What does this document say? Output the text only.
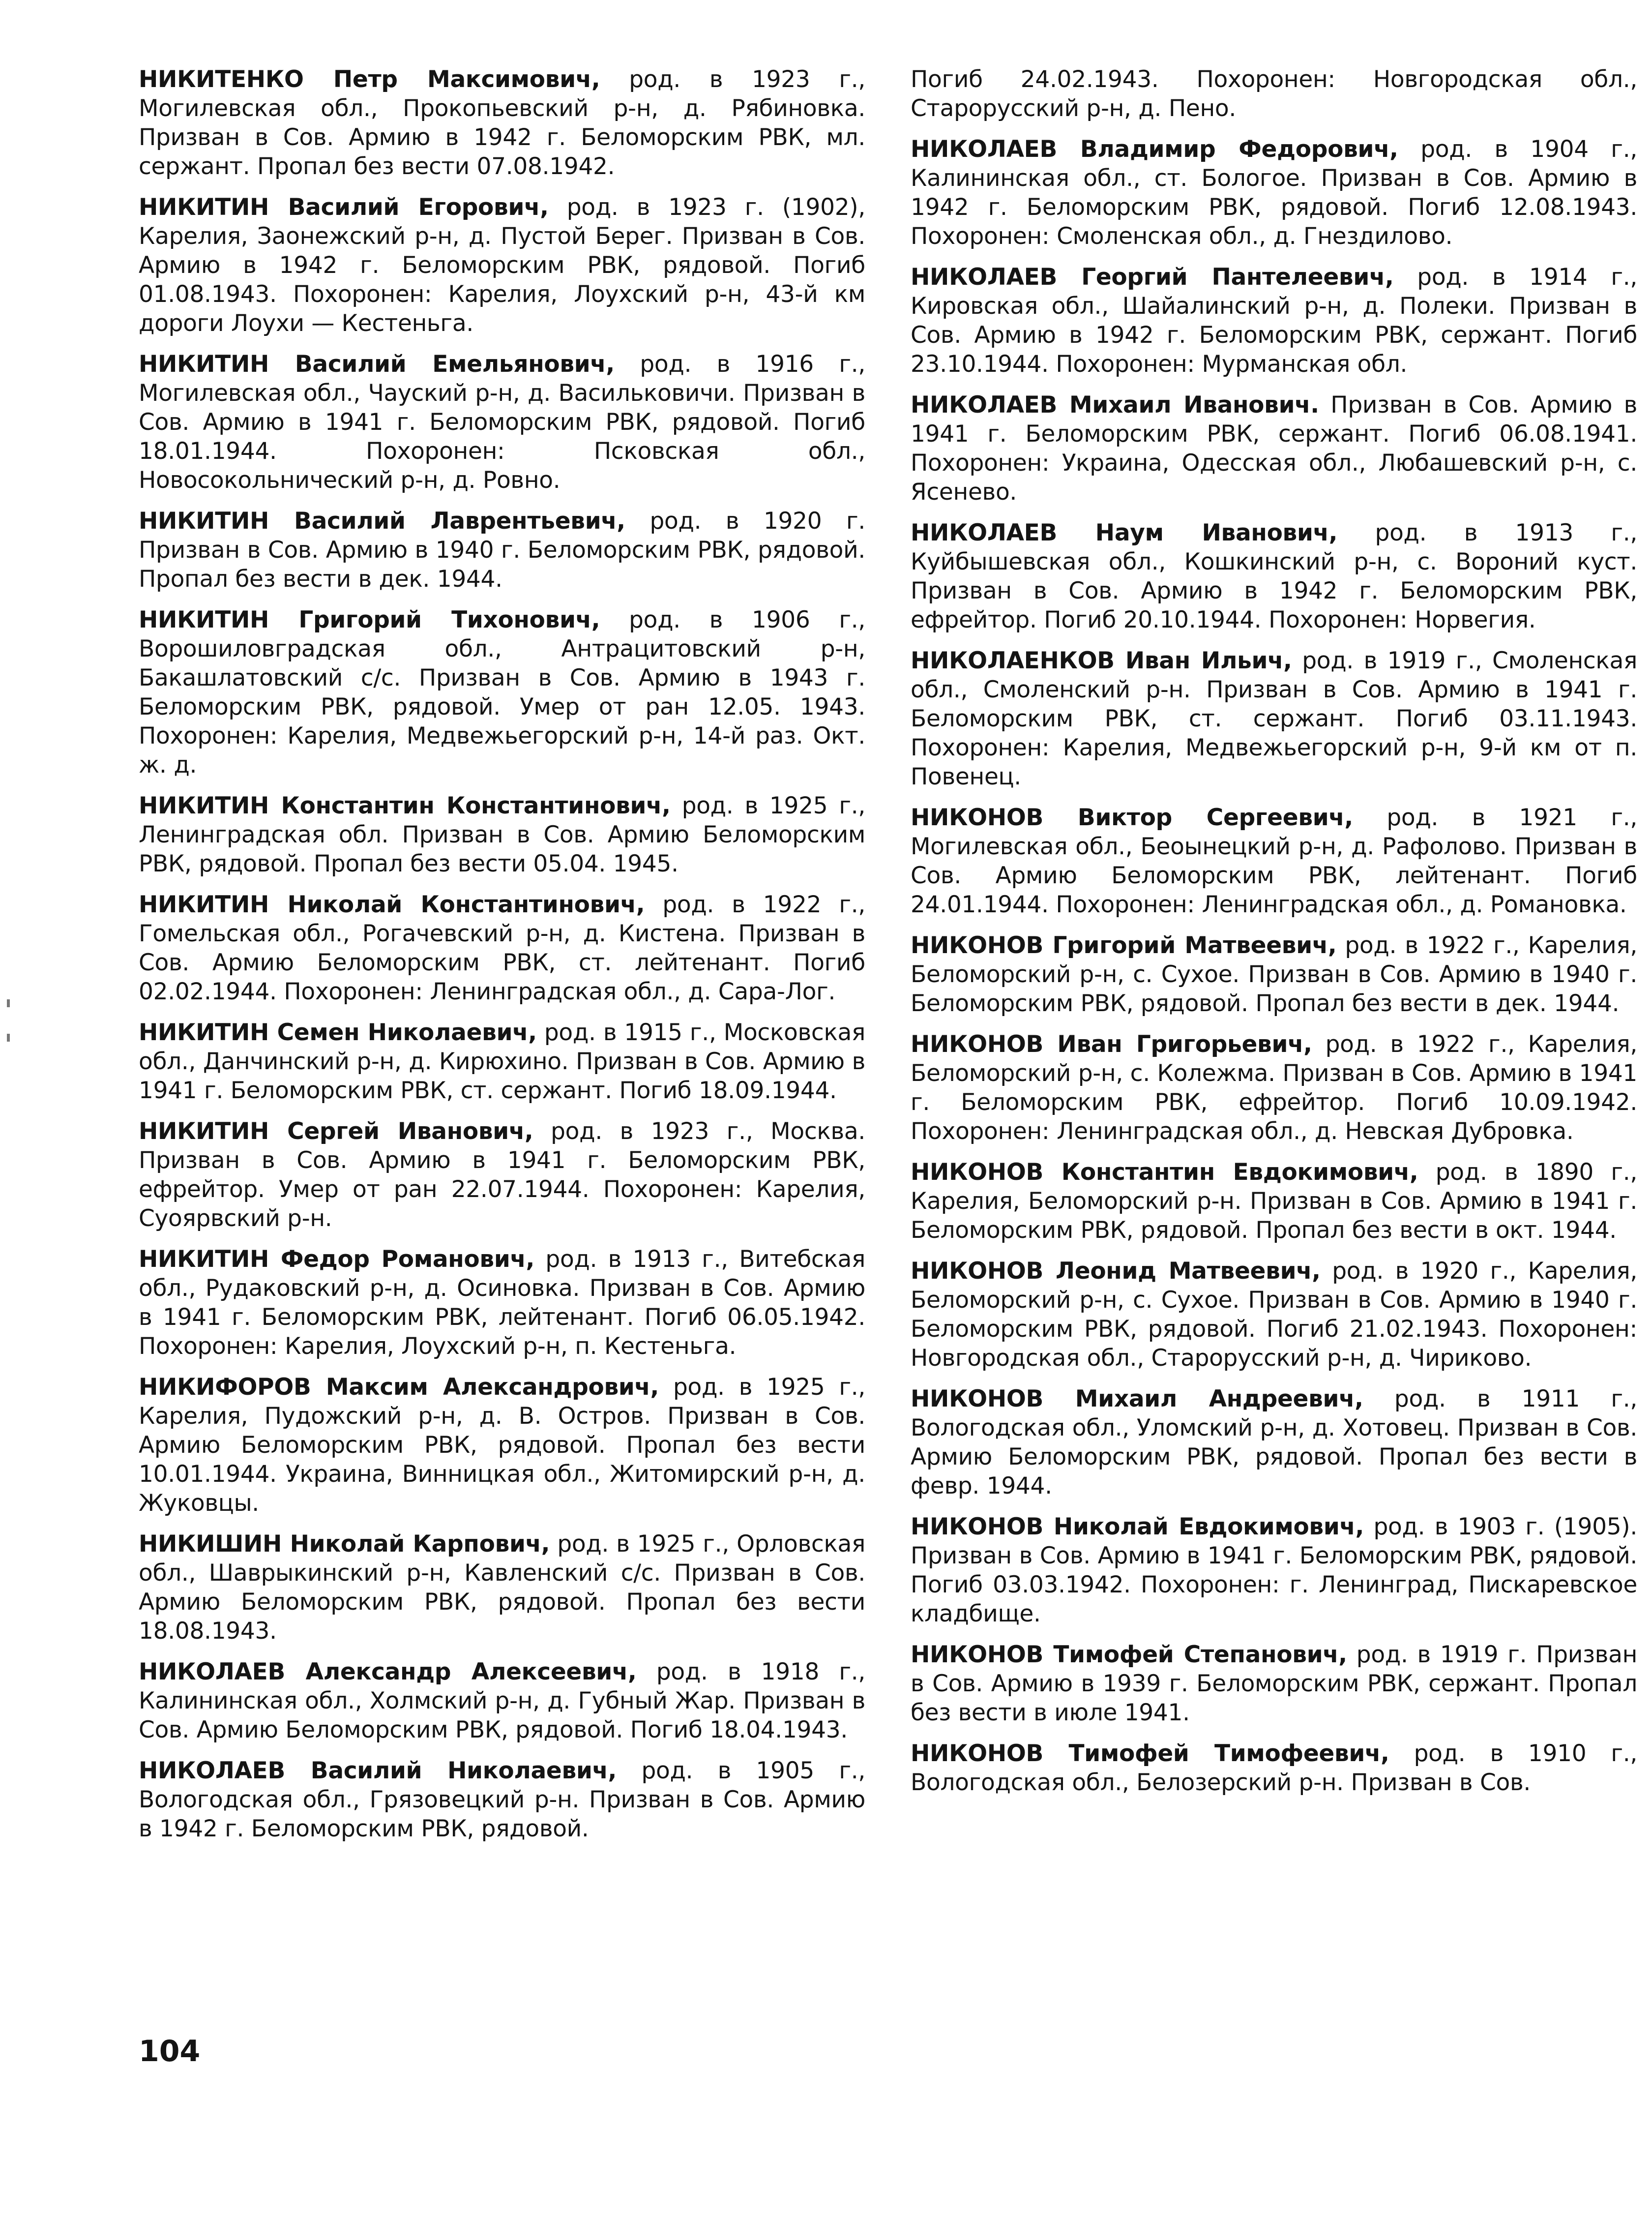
НИКИТЕНКО Петр Максимович, род. в 1923 г., Могилевская обл., Прокопьевский р-н, д. Рябиновка. Призван в Сов. Армию в 1942 г. Беломорским РВК, мл. сержант. Пропал без вести 07.08.1942.

НИКИТИН Василий Егорович, род. в 1923 г. (1902), Карелия, Заонежский р-н, д. Пустой Берег. Призван в Сов. Армию в 1942 г. Беломорским РВК, рядовой. Погиб 01.08.1943. Похоронен: Карелия, Лоухский р-н, 43-й км дороги Лоухи — Кестеньга.

НИКИТИН Василий Емельянович, род. в 1916 г., Могилевская обл., Чауский р-н, д. Васильковичи. Призван в Сов. Армию в 1941 г. Беломорским РВК, рядовой. Погиб 18.01.1944. Похоронен: Псковская обл., Новосокольнический р-н, д. Ровно.

НИКИТИН Василий Лаврентьевич, род. в 1920 г. Призван в Сов. Армию в 1940 г. Беломорским РВК, рядовой. Пропал без вести в дек. 1944.

НИКИТИН Григорий Тихонович, род. в 1906 г., Ворошиловградская обл., Антрацитовский р-н, Бакашлатовский с/с. Призван в Сов. Армию в 1943 г. Беломорским РВК, рядовой. Умер от ран 12.05. 1943. Похоронен: Карелия, Медвежьегорский р-н, 14-й раз. Окт. ж. д.

НИКИТИН Константин Константинович, род. в 1925 г., Ленинградская обл. Призван в Сов. Армию Беломорским РВК, рядовой. Пропал без вести 05.04. 1945.

НИКИТИН Николай Константинович, род. в 1922 г., Гомельская обл., Рогачевский р-н, д. Кистена. Призван в Сов. Армию Беломорским РВК, ст. лейтенант. Погиб 02.02.1944. Похоронен: Ленинградская обл., д. Сара-Лог.

НИКИТИН Семен Николаевич, род. в 1915 г., Московская обл., Данчинский р-н, д. Кирюхино. Призван в Сов. Армию в 1941 г. Беломорским РВК, ст. сержант. Погиб 18.09.1944.

НИКИТИН Сергей Иванович, род. в 1923 г., Москва. Призван в Сов. Армию в 1941 г. Беломорским РВК, ефрейтор. Умер от ран 22.07.1944. Похоронен: Карелия, Суоярвский р-н.

НИКИТИН Федор Романович, род. в 1913 г., Витебская обл., Рудаковский р-н, д. Осиновка. Призван в Сов. Армию в 1941 г. Беломорским РВК, лейтенант. Погиб 06.05.1942. Похоронен: Карелия, Лоухский р-н, п. Кестеньга.

НИКИФОРОВ Максим Александрович, род. в 1925 г., Карелия, Пудожский р-н, д. В. Остров. Призван в Сов. Армию Беломорским РВК, рядовой. Пропал без вести 10.01.1944. Украина, Винницкая обл., Житомирский р-н, д. Жуковцы.

НИКИШИН Николай Карпович, род. в 1925 г., Орловская обл., Шаврыкинский р-н, Кавленский с/с. Призван в Сов. Армию Беломорским РВК, рядовой. Пропал без вести 18.08.1943.

НИКОЛАЕВ Александр Алексеевич, род. в 1918 г., Калининская обл., Холмский р-н, д. Губный Жар. Призван в Сов. Армию Беломорским РВК, рядовой. Погиб 18.04.1943.

НИКОЛАЕВ Василий Николаевич, род. в 1905 г., Вологодская обл., Грязовецкий р-н. Призван в Сов. Армию в 1942 г. Беломорским РВК, рядовой.

Погиб 24.02.1943. Похоронен: Новгородская обл., Старорусский р-н, д. Пено.

НИКОЛАЕВ Владимир Федорович, род. в 1904 г., Калининская обл., ст. Бологое. Призван в Сов. Армию в 1942 г. Беломорским РВК, рядовой. Погиб 12.08.1943. Похоронен: Смоленская обл., д. Гнездилово.

НИКОЛАЕВ Георгий Пантелеевич, род. в 1914 г., Кировская обл., Шайалинский р-н, д. Полеки. Призван в Сов. Армию в 1942 г. Беломорским РВК, сержант. Погиб 23.10.1944. Похоронен: Мурманская обл.

НИКОЛАЕВ Михаил Иванович. Призван в Сов. Армию в 1941 г. Беломорским РВК, сержант. Погиб 06.08.1941. Похоронен: Украина, Одесская обл., Любашевский р-н, с. Ясенево.

НИКОЛАЕВ Наум Иванович, род. в 1913 г., Куйбышевская обл., Кошкинский р-н, с. Вороний куст. Призван в Сов. Армию в 1942 г. Беломорским РВК, ефрейтор. Погиб 20.10.1944. Похоронен: Норвегия.

НИКОЛАЕНКОВ Иван Ильич, род. в 1919 г., Смоленская обл., Смоленский р-н. Призван в Сов. Армию в 1941 г. Беломорским РВК, ст. сержант. Погиб 03.11.1943. Похоронен: Карелия, Медвежьегорский р-н, 9-й км от п. Повенец.

НИКОНОВ Виктор Сергеевич, род. в 1921 г., Могилевская обл., Беоынецкий р-н, д. Рафолово. Призван в Сов. Армию Беломорским РВК, лейтенант. Погиб 24.01.1944. Похоронен: Ленинградская обл., д. Романовка.

НИКОНОВ Григорий Матвеевич, род. в 1922 г., Карелия, Беломорский р-н, с. Сухое. Призван в Сов. Армию в 1940 г. Беломорским РВК, рядовой. Пропал без вести в дек. 1944.

НИКОНОВ Иван Григорьевич, род. в 1922 г., Карелия, Беломорский р-н, с. Колежма. Призван в Сов. Армию в 1941 г. Беломорским РВК, ефрейтор. Погиб 10.09.1942. Похоронен: Ленинградская обл., д. Невская Дубровка.

НИКОНОВ Константин Евдокимович, род. в 1890 г., Карелия, Беломорский р-н. Призван в Сов. Армию в 1941 г. Беломорским РВК, рядовой. Пропал без вести в окт. 1944.

НИКОНОВ Леонид Матвеевич, род. в 1920 г., Карелия, Беломорский р-н, с. Сухое. Призван в Сов. Армию в 1940 г. Беломорским РВК, рядовой. Погиб 21.02.1943. Похоронен: Новгородская обл., Старорусский р-н, д. Чириково.

НИКОНОВ Михаил Андреевич, род. в 1911 г., Вологодская обл., Уломский р-н, д. Хотовец. Призван в Сов. Армию Беломорским РВК, рядовой. Пропал без вести в февр. 1944.

НИКОНОВ Николай Евдокимович, род. в 1903 г. (1905). Призван в Сов. Армию в 1941 г. Беломорским РВК, рядовой. Погиб 03.03.1942. Похоронен: г. Ленинград, Пискаревское кладбище.

НИКОНОВ Тимофей Степанович, род. в 1919 г. Призван в Сов. Армию в 1939 г. Беломорским РВК, сержант. Пропал без вести в июле 1941.

НИКОНОВ Тимофей Тимофеевич, род. в 1910 г., Вологодская обл., Белозерский р-н. Призван в Сов.

104
